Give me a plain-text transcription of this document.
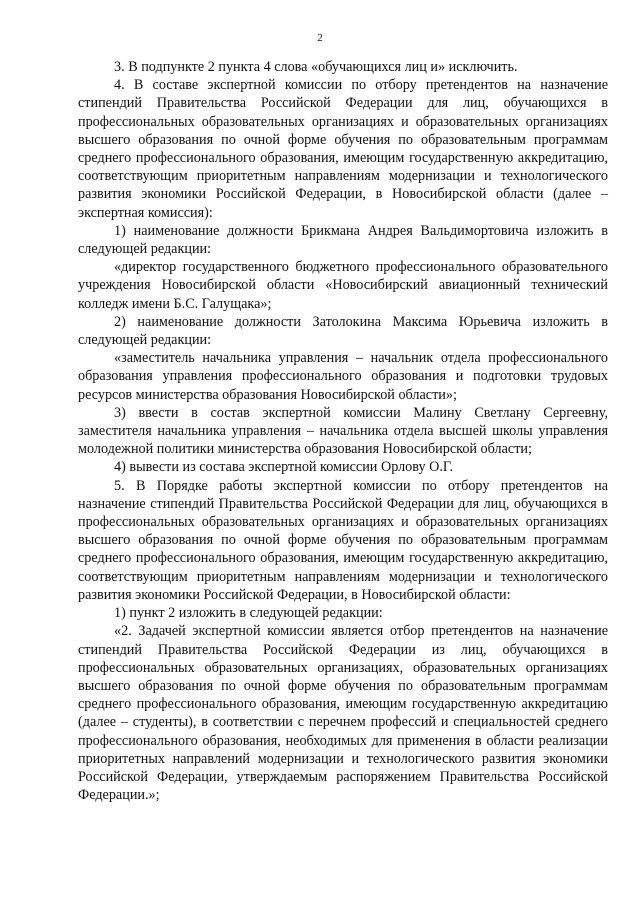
2

3. В подпункте 2 пункта 4 слова «обучающихся лиц и» исключить.

4. В составе экспертной комиссии по отбору претендентов на назначение стипендий Правительства Российской Федерации для лиц, обучающихся в профессиональных образовательных организациях и образовательных организациях высшего образования по очной форме обучения по образовательным программам среднего профессионального образования, имеющим государственную аккредитацию, соответствующим приоритетным направлениям модернизации и технологического развития экономики Российской Федерации, в Новосибирской области (далее – экспертная комиссия):

1) наименование должности Брикмана Андрея Вальдимортовича изложить в следующей редакции:

«директор государственного бюджетного профессионального образовательного учреждения Новосибирской области «Новосибирский авиационный технический колледж имени Б.С. Галущака»;

2) наименование должности Затолокина Максима Юрьевича изложить в следующей редакции:

«заместитель начальника управления – начальник отдела профессионального образования управления профессионального образования и подготовки трудовых ресурсов министерства образования Новосибирской области»;

3) ввести в состав экспертной комиссии Малину Светлану Сергеевну, заместителя начальника управления – начальника отдела высшей школы управления молодежной политики министерства образования Новосибирской области;

4) вывести из состава экспертной комиссии Орлову О.Г.

5. В Порядке работы экспертной комиссии по отбору претендентов на назначение стипендий Правительства Российской Федерации для лиц, обучающихся в профессиональных образовательных организациях и образовательных организациях высшего образования по очной форме обучения по образовательным программам среднего профессионального образования, имеющим государственную аккредитацию, соответствующим приоритетным направлениям модернизации и технологического развития экономики Российской Федерации, в Новосибирской области:

1) пункт 2 изложить в следующей редакции:

«2. Задачей экспертной комиссии является отбор претендентов на назначение стипендий Правительства Российской Федерации из лиц, обучающихся в профессиональных образовательных организациях, образовательных организациях высшего образования по очной форме обучения по образовательным программам среднего профессионального образования, имеющим государственную аккредитацию (далее – студенты), в соответствии с перечнем профессий и специальностей среднего профессионального образования, необходимых для применения в области реализации приоритетных направлений модернизации и технологического развития экономики Российской Федерации, утверждаемым распоряжением Правительства Российской Федерации.»;
